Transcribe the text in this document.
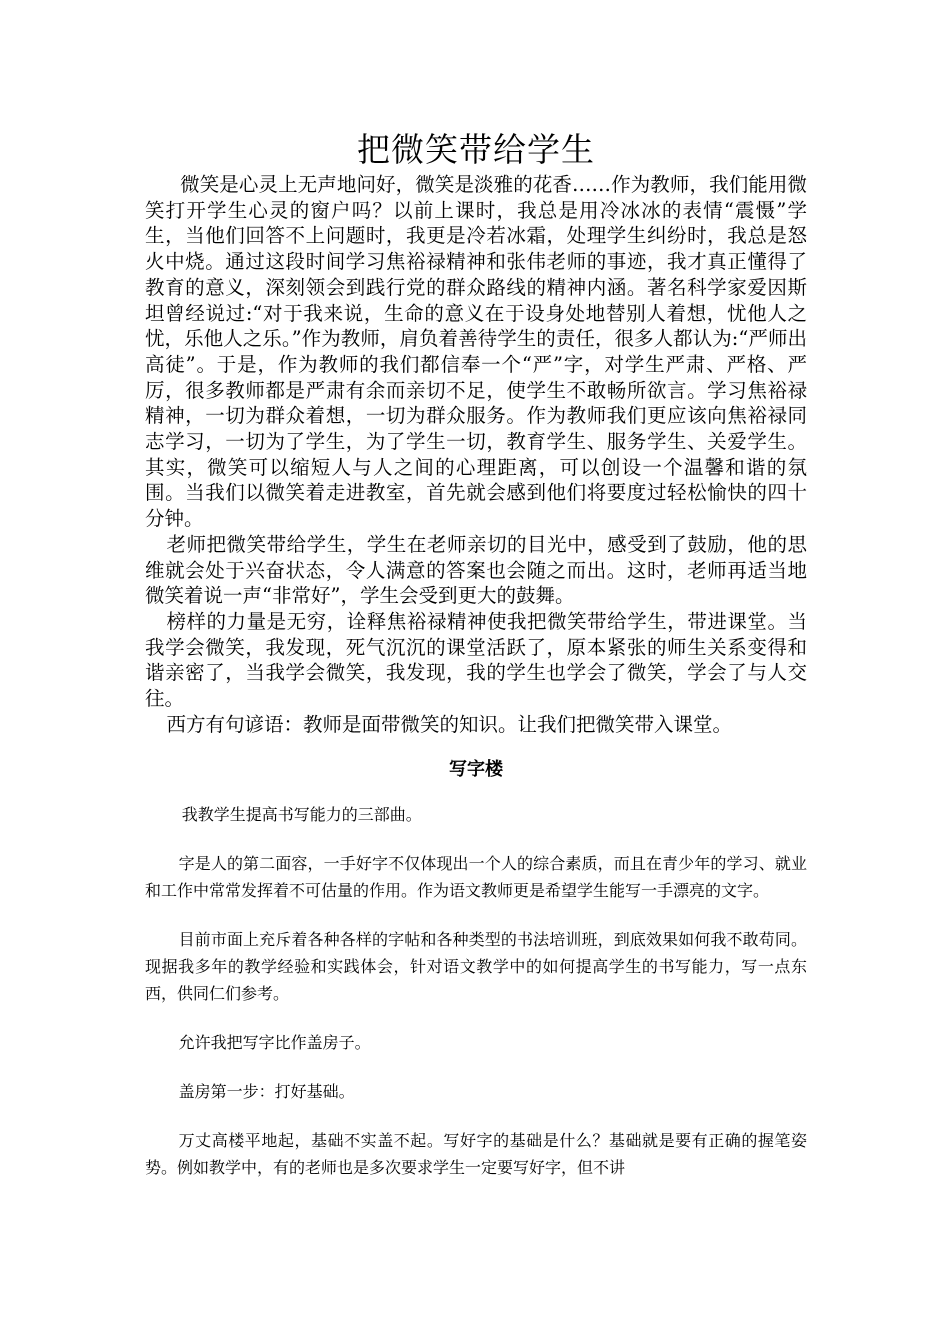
把微笑带给学生

微笑是心灵上无声地问好，微笑是淡雅的花香……作为教师，我们能用微笑打开学生心灵的窗户吗？以前上课时，我总是用冷冰冰的表情“震慑”学生，当他们回答不上问题时，我更是冷若冰霜，处理学生纠纷时，我总是怒火中烧。通过这段时间学习焦裕禄精神和张伟老师的事迹，我才真正懂得了教育的意义，深刻领会到践行党的群众路线的精神内涵。著名科学家爱因斯坦曾经说过:“对于我来说，生命的意义在于设身处地替别人着想，忧他人之忧，乐他人之乐。”作为教师，肩负着善待学生的责任，很多人都认为:“严师出高徒”。于是，作为教师的我们都信奉一个“严”字，对学生严肃、严格、严厉，很多教师都是严肃有余而亲切不足，使学生不敢畅所欲言。学习焦裕禄精神，一切为群众着想，一切为群众服务。作为教师我们更应该向焦裕禄同志学习，一切为了学生，为了学生一切，教育学生、服务学生、关爱学生。其实，微笑可以缩短人与人之间的心理距离，可以创设一个温馨和谐的氛围。当我们以微笑着走进教室，首先就会感到他们将要度过轻松愉快的四十分钟。

老师把微笑带给学生，学生在老师亲切的目光中，感受到了鼓励，他的思维就会处于兴奋状态，令人满意的答案也会随之而出。这时，老师再适当地微笑着说一声“非常好”，学生会受到更大的鼓舞。

榜样的力量是无穷，诠释焦裕禄精神使我把微笑带给学生，带进课堂。当我学会微笑，我发现，死气沉沉的课堂活跃了，原本紧张的师生关系变得和谐亲密了，当我学会微笑，我发现，我的学生也学会了微笑，学会了与人交往。

西方有句谚语：教师是面带微笑的知识。让我们把微笑带入课堂。

写字楼

我教学生提高书写能力的三部曲。

字是人的第二面容，一手好字不仅体现出一个人的综合素质，而且在青少年的学习、就业和工作中常常发挥着不可估量的作用。作为语文教师更是希望学生能写一手漂亮的文字。

目前市面上充斥着各种各样的字帖和各种类型的书法培训班，到底效果如何我不敢苟同。现据我多年的教学经验和实践体会，针对语文教学中的如何提高学生的书写能力，写一点东西，供同仁们参考。

允许我把写字比作盖房子。

盖房第一步：打好基础。

万丈高楼平地起，基础不实盖不起。写好字的基础是什么？基础就是要有正确的握笔姿势。例如教学中，有的老师也是多次要求学生一定要写好字，但不讲
